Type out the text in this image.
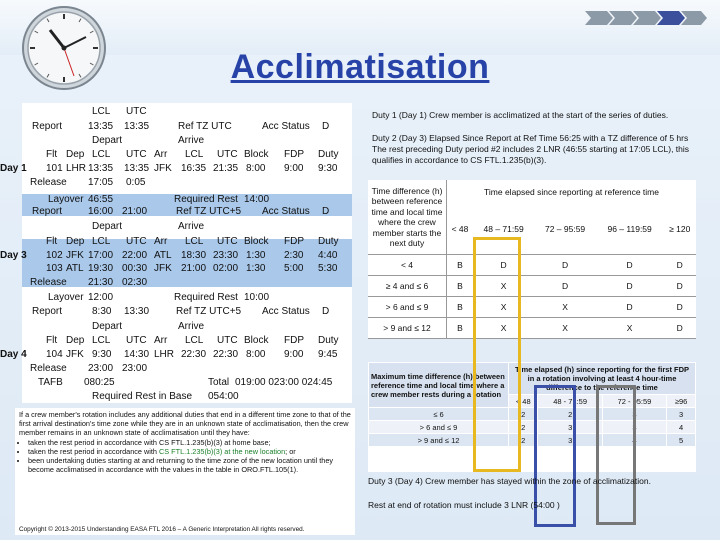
Acclimatisation
LCL UTC
Report	13:35 13:35	Ref TZ UTC	Acc Status D
Depart	Arrive
Flt Dep LCL UTC Arr LCL UTC Block FDP Duty
Day 1 101 LHR 13:35 13:35 JFK 16:35 21:35 8:00 9:00 9:30
Release 17:05 0:05
Layover 46:55	Required Rest 14:00
Report	16:00 21:00	Ref TZ UTC+5 Acc Status D
Depart	Arrive
Flt Dep LCL UTC Arr LCL UTC Block FDP Duty
Day 3 102 JFK 17:00 22:00 ATL 18:30 23:30 1:30 2:30 4:40
103 ATL 19:30 00:30 JFK 21:00 02:00 1:30 5:00 5:30
Release 21:30 02:30
Layover 12:00	Required Rest 10:00
Report	8:30 13:30	Ref TZ UTC+5 Acc Status D
Depart	Arrive
Flt Dep LCL UTC Arr LCL UTC Block FDP Duty
Day 4 104 JFK 9:30 14:30 LHR 22:30 22:30 8:00 9:00 9:45
Release 23:00 23:00
TAFB 080:25	Total 019:00 023:00 024:45
Required Rest in Base 054:00
If a crew member's rotation includes any additional duties that end in a different time zone to that of the first arrival destination's time zone while they are in an unknown state of acclimatisation, then the crew member remains in an unknown state of acclimatisation until they have:
• taken the rest period in accordance with CS FTL.1.235(b)(3) at home base;
• taken the rest period in accordance with CS FTL.1.235(b)(3) at the new location; or
• been undertaking duties starting at and returning to the time zone of the new location until they become acclimatised in accordance with the values in the table in ORO.FTL.105(1).
Copyright © 2013-2015 Understanding EASA FTL 2016 – A Generic Interpretation All rights reserved.
Duty 1 (Day 1) Crew member is acclimatized at the start of the series of duties.
Duty 2 (Day 3) Elapsed Since Report at Ref Time 56:25 with a TZ difference of 5 hrs The rest preceding Duty period #2 includes 2 LNR (46:55 starting at 17:05 LCL), this qualifies in accordance to CS FTL.1.235(b)(3).
Time difference (h) between reference time and local time where the crew member starts the next duty	Time elapsed since reporting at reference time				
	< 48	48 – 71:59	72 – 95:59	96 – 119:59	≥ 120
< 4	B	D	D	D	D
≥ 4 and ≤ 6	B	X	D	D	D
> 6 and ≤ 9	B	X	X	D	D
> 9 and ≤ 12	B	X	X	X	D
Maximum time difference (h) between reference time and local time where a crew member rests during a rotation	Time elapsed (h) since reporting for the first FDP in a rotation involving at least 4 hour-time difference to the reference time			
	< 48	48 - 71:59	72 - 95:59	≥96
≤ 6	2	2	3	3
> 6 and ≤ 9	2	3	3	4
> 9 and ≤ 12	2	3	4	5
Duty 3 (Day 4) Crew member has stayed within the zone of acclimatization.
Rest at end of rotation must include 3 LNR (54:00 )
